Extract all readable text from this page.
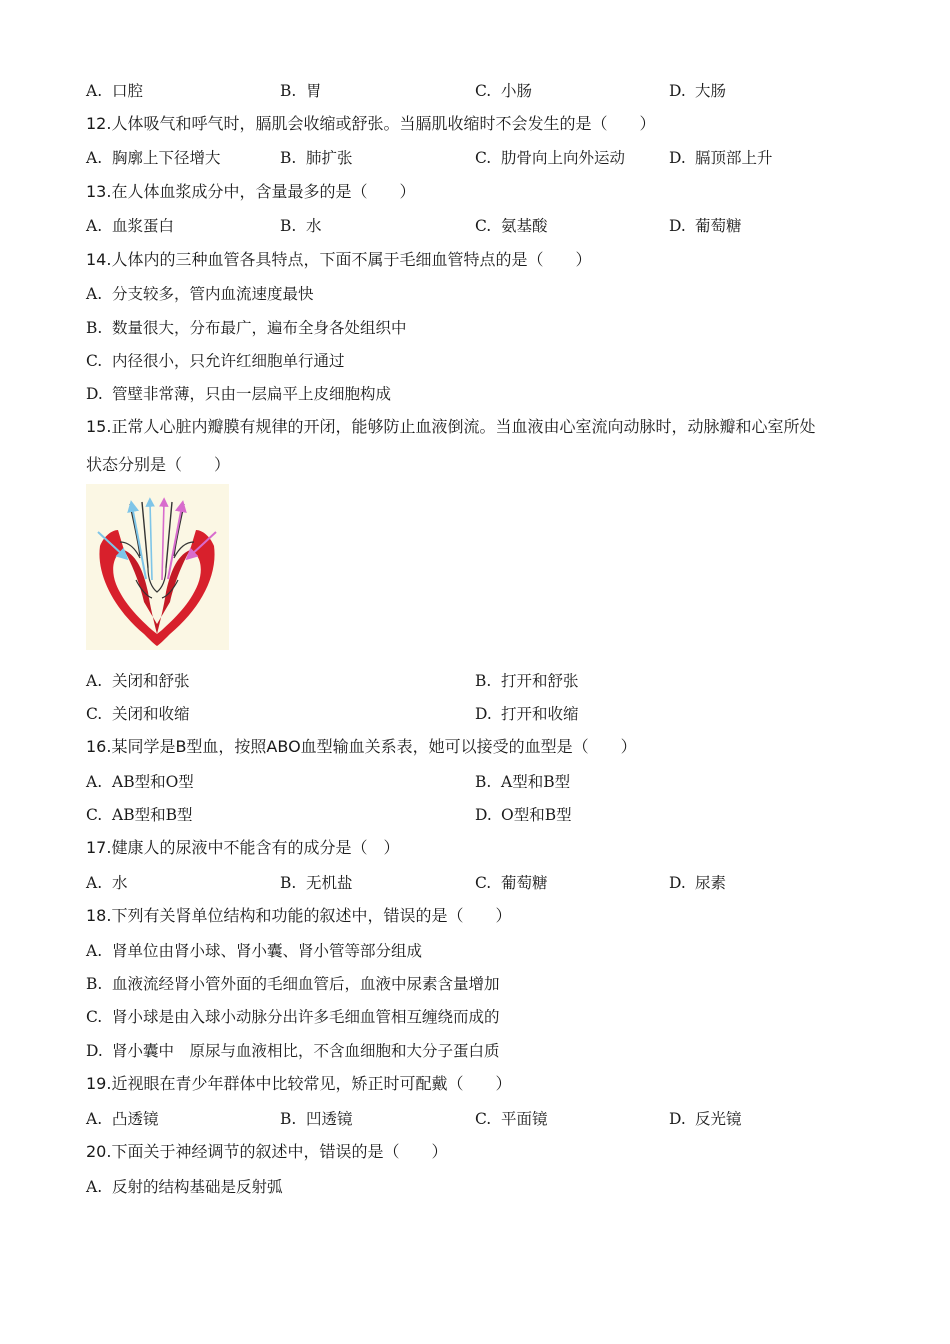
A. 口腔	B. 胃	C. 小肠	D. 大肠
12.人体吸气和呼气时，膈肌会收缩或舒张。当膈肌收缩时不会发生的是（　　）
A. 胸廓上下径增大	B. 肺扩张	C. 肋骨向上向外运动	D. 膈顶部上升
13.在人体血浆成分中，含量最多的是（　　）
A. 血浆蛋白	B. 水	C. 氨基酸	D. 葡萄糖
14.人体内的三种血管各具特点，下面不属于毛细血管特点的是（　　）
A. 分支较多，管内血流速度最快
B. 数量很大，分布最广，遍布全身各处组织中
C. 内径很小，只允许红细胞单行通过
D. 管壁非常薄，只由一层扁平上皮细胞构成
15.正常人心脏内瓣膜有规律的开闭，能够防止血液倒流。当血液由心室流向动脉时，动脉瓣和心室所处
状态分别是（　　）
A. 关闭和舒张	B. 打开和舒张
C. 关闭和收缩	D. 打开和收缩
16.某同学是B型血，按照ABO血型输血关系表，她可以接受的血型是（　　）
A. AB型和O型	B. A型和B型
C. AB型和B型	D. O型和B型
17.健康人的尿液中不能含有的成分是（　）
A. 水	B. 无机盐	C. 葡萄糖	D. 尿素
18.下列有关肾单位结构和功能的叙述中，错误的是（　　）
A. 肾单位由肾小球、肾小囊、肾小管等部分组成
B. 血液流经肾小管外面的毛细血管后，血液中尿素含量增加
C. 肾小球是由入球小动脉分出许多毛细血管相互缠绕而成的
D. 肾小囊中　原尿与血液相比，不含血细胞和大分子蛋白质
19.近视眼在青少年群体中比较常见，矫正时可配戴（　　）
A. 凸透镜	B. 凹透镜	C. 平面镜	D. 反光镜
20.下面关于神经调节的叙述中，错误的是（　　）
A. 反射的结构基础是反射弧
